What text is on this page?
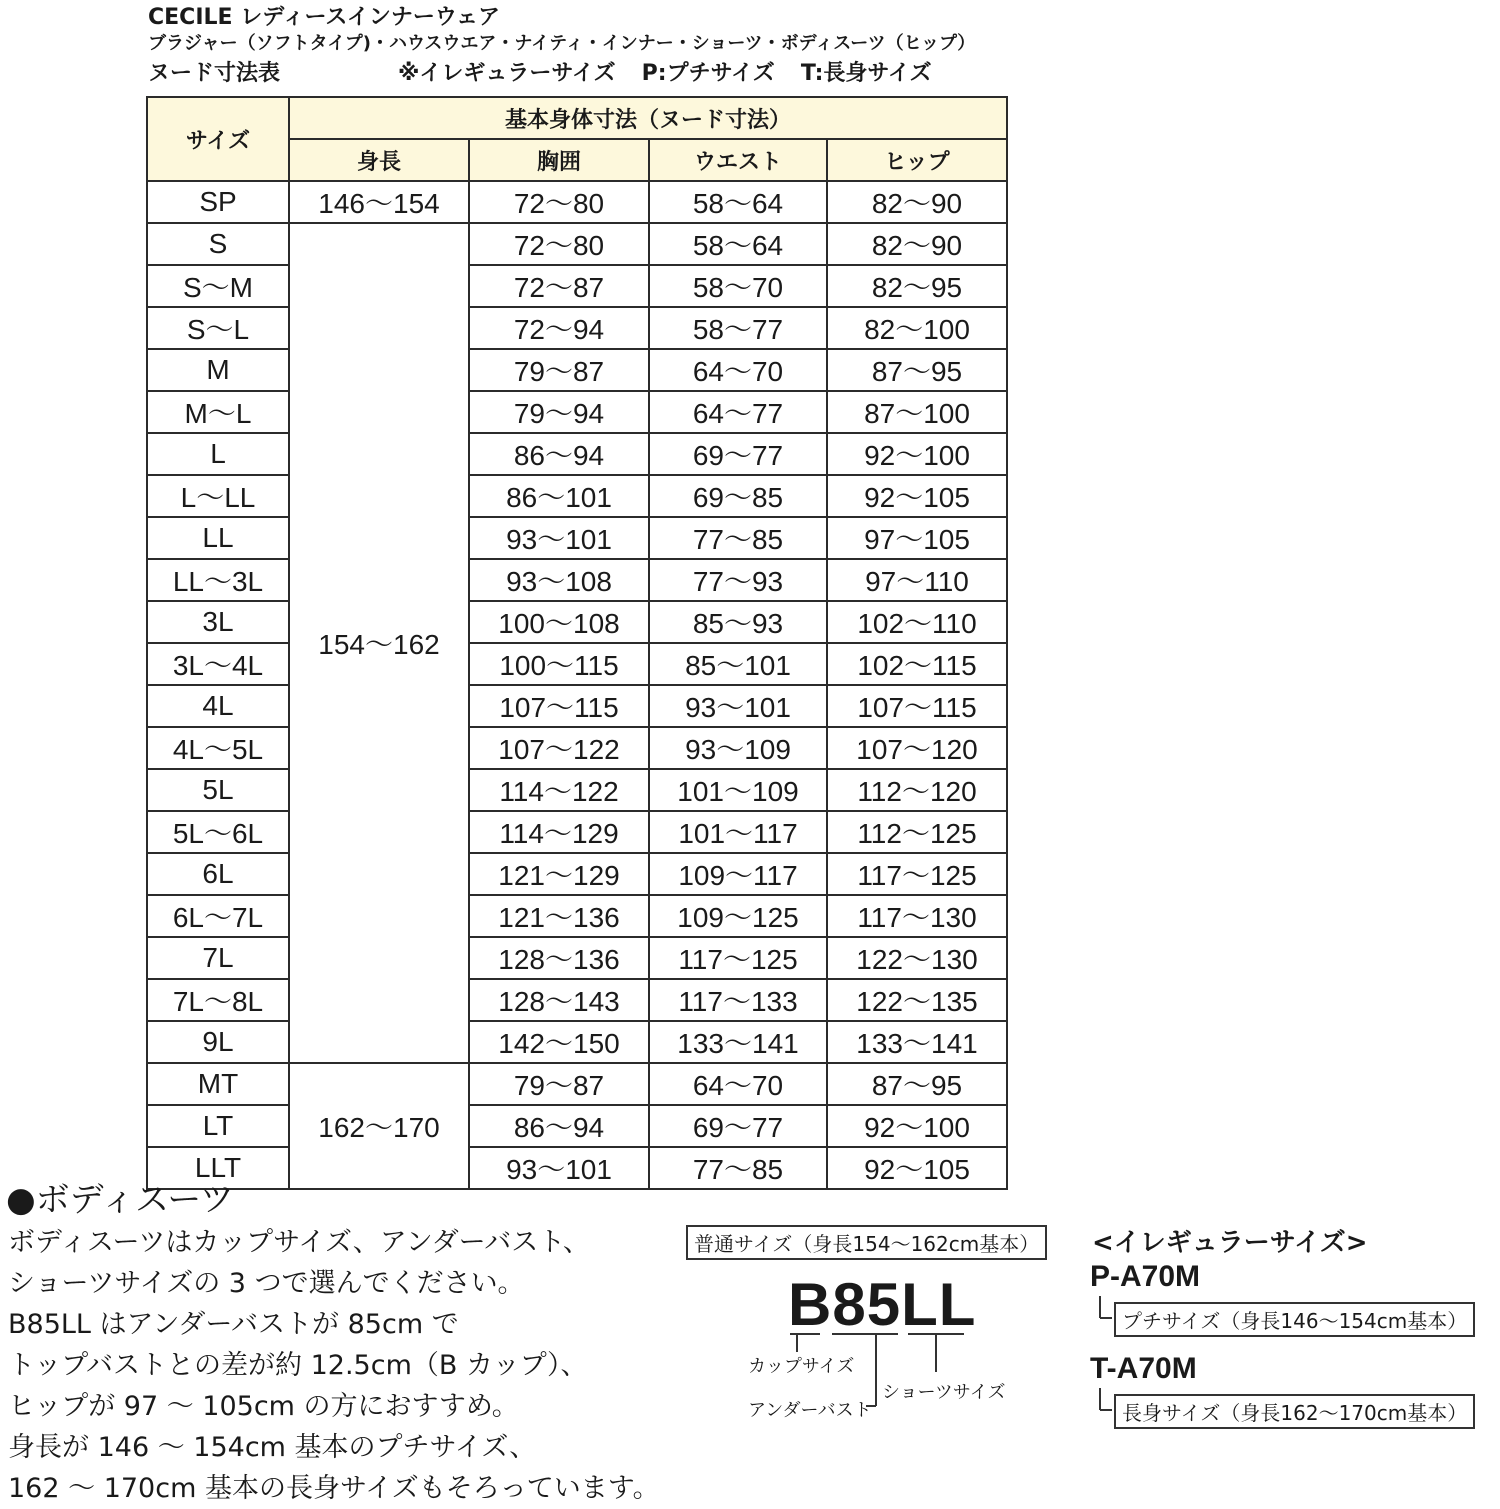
CECILE レディースインナーウェア
ブラジャー（ソフトタイプ)・ハウスウエア・ナイティ・インナー・ショーツ・ボディスーツ（ヒップ）
ヌード寸法表	※イレギュラーサイズ P:プチサイズ T:長身サイズ
サイズ	基本身体寸法（ヌード寸法）			
	身長	胸囲	ウエスト	ヒップ
SP	146～154	72～80	58～64	82～90
S	154～162	72～80	58～64	82～90
S～M		72～87	58～70	82～95
S～L		72～94	58～77	82～100
M		79～87	64～70	87～95
M～L		79～94	64～77	87～100
L		86～94	69～77	92～100
L～LL		86～101	69～85	92～105
LL		93～101	77～85	97～105
LL～3L		93～108	77～93	97～110
3L		100～108	85～93	102～110
3L～4L		100～115	85～101	102～115
4L		107～115	93～101	107～115
4L～5L		107～122	93～109	107～120
5L		114～122	101～109	112～120
5L～6L		114～129	101～117	112～125
6L		121～129	109～117	117～125
6L～7L		121～136	109～125	117～130
7L		128～136	117～125	122～130
7L～8L		128～143	117～133	122～135
9L		142～150	133～141	133～141
MT	162～170	79～87	64～70	87～95
LT		86～94	69～77	92～100
LLT		93～101	77～85	92～105
●ボディスーツ
ボディスーツはカップサイズ、アンダーバスト、
ショーツサイズの 3 つで選んでください。
B85LL はアンダーバストが 85cm で
トップバストとの差が約 12.5cm（B カップ）、
ヒップが 97 ～ 105cm の方におすすめ。
身長が 146 ～ 154cm 基本のプチサイズ、
162 ～ 170cm 基本の長身サイズもそろっています。
普通サイズ（身長154～162cm基本）
B85LL
カップサイズ
アンダーバスト
ショーツサイズ
<イレギュラーサイズ>
P-A70M
プチサイズ（身長146～154cm基本）
T-A70M
長身サイズ（身長162～170cm基本）
